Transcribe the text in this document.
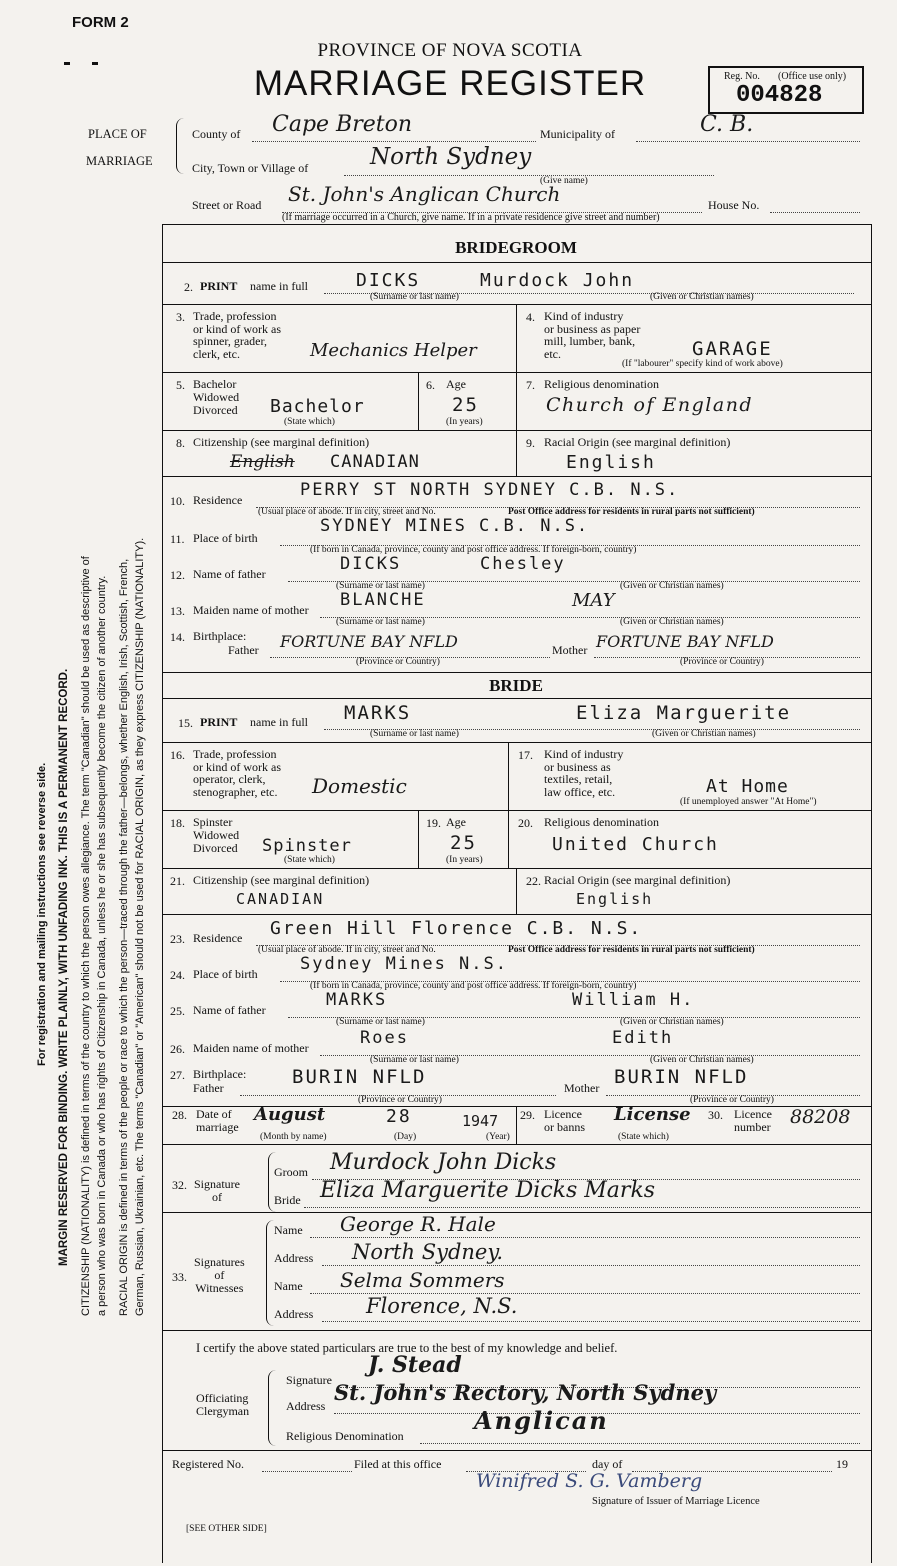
FORM 2
PROVINCE OF NOVA SCOTIA
MARRIAGE REGISTER	Reg. No. (Office use only)
004828
PLACE OF
MARRIAGE
County of Cape Breton	Municipality of	C. B.
City, Town or Village of	North Sydney
(Give name)
Street or Road St. John's Anglican Church	House No.
(If marriage occurred in a Church, give name. If in a private residence give street and number)
For registration and mailing instructions see reverse side. MARGIN RESERVED FOR BINDING. WRITE PLAINLY, WITH UNFADING INK. THIS IS A PERMANENT RECORD. CITIZENSHIP (NATIONALITY) is defined in terms of the country to which the person owes allegiance. The term "Canadian" should be used as descriptive of a person who was born in Canada or who has rights of Citizenship in Canada, unless he or she has subsequently become the citizen of another country. RACIAL ORIGIN is defined in terms of the people or race to which the person—traced through the father—belongs, whether English, Irish, Scottish, French, German, Russian, Ukrainian, etc. The terms "Canadian" or "American" should not be used for RACIAL ORIGIN, as they express CITIZENSHIP (NATIONALITY).
BRIDEGROOM
2. PRINT name in full	DICKS	Murdock John
(Surname or last name)	(Given or Christian names)
3. Trade, profession
or kind of work as
spinner, grader,
clerk, etc.	Mechanics Helper
4. Kind of industry
or business as paper
mill, lumber, bank,
etc.	GARAGE
(If "labourer" specify kind of work above)
5. Bachelor
Widowed
Divorced Bachelor
(State which)
6. Age
25
(In years)
7. Religious denomination
Church of England
8. Citizenship (see marginal definition)
English CANADIAN
9. Racial Origin (see marginal definition)
English
10. Residence	PERRY ST NORTH SYDNEY C.B. N.S.
(Usual place of abode. If in city, street and No.	Post Office address for residents in rural parts not sufficient)
11. Place of birth
SYDNEY MINES C.B. N.S.
(If born in Canada, province, county and post office address. If foreign-born, country)
12. Name of father	DICKS	Chesley
(Surname or last name)	(Given or Christian names)
13. Maiden name of mother BLANCHE	MAY
(Surname or last name)	(Given or Christian names)
14. Birthplace:
Father FORTUNE BAY NFLD	Mother FORTUNE BAY NFLD
(Province or Country)	(Province or Country)
BRIDE
15. PRINT name in full MARKS	Eliza Marguerite
(Surname or last name)	(Given or Christian names)
16. Trade, profession
or kind of work as
operator, clerk,
stenographer, etc. Domestic
17. Kind of industry
or business as
textiles, retail,
law office, etc.	At Home
(If unemployed answer "At Home")
18. Spinster
Widowed
Divorced Spinster
(State which)
19. Age
25
(In years)
20. Religious denomination
United Church
21. Citizenship (see marginal definition)
CANADIAN
22. Racial Origin (see marginal definition)
English
23. Residence Green Hill Florence C.B. N.S.
(Usual place of abode. If in city, street and No.	Post Office address for residents in rural parts not sufficient)
24. Place of birth Sydney Mines N.S.
(If born in Canada, province, county and post office address. If foreign-born, country)
25. Name of father	MARKS	William H.
(Surname or last name)	(Given or Christian names)
26. Maiden name of mother	Roes	Edith
(Surname or last name)	(Given or Christian names)
27. Birthplace:
Father	BURIN NFLD	Mother BURIN NFLD
(Province or Country)	(Province or Country)
28. Date of
marriage
August	28	1947
(Month by name)	(Day)	(Year)
29. Licence
or banns
License
(State which)
30. Licence
number 88208
32. Signature
of
Groom Murdock John Dicks
Bride Eliza Marguerite Dicks Marks
33.
Signatures
of
Witnesses
Name George R. Hale
Address North Sydney.
Name Selma Sommers
Address	Florence, N.S.
I certify the above stated particulars are true to the best of my knowledge and belief.
Officiating
Clergyman
Signature
J. Stead
Address
St. John's Rectory, North Sydney
Religious Denomination
Anglican
Registered No.	Filed at this office	day of	19
Winifred S. G. Vamberg
Signature of Issuer of Marriage Licence
[SEE OTHER SIDE]
